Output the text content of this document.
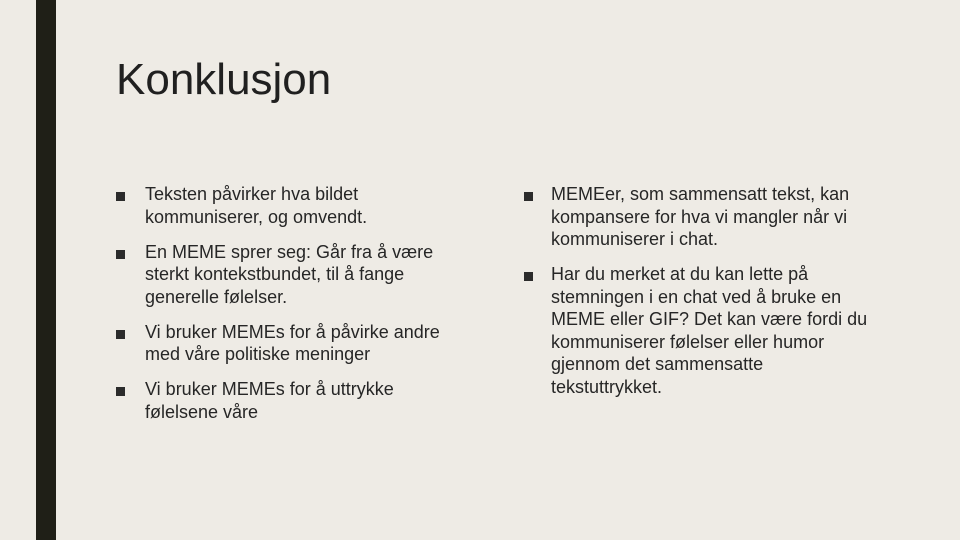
Konklusjon
Teksten påvirker hva bildet kommuniserer, og omvendt.
En MEME sprer seg: Går fra å være sterkt kontekstbundet, til å fange generelle følelser.
Vi bruker MEMEs for å påvirke andre med våre politiske meninger
Vi bruker MEMEs for å uttrykke følelsene våre
MEMEer, som sammensatt tekst, kan kompansere for hva vi mangler når vi kommuniserer i chat.
Har du merket at du kan lette på stemningen i en chat ved å bruke en MEME eller GIF? Det kan være fordi du kommuniserer følelser eller humor gjennom det sammensatte tekstuttrykket.
